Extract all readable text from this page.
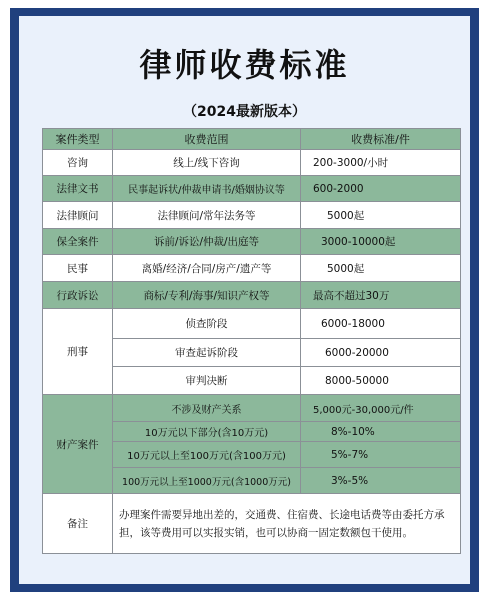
律师收费标准
（2024最新版本）
案件类型	收费范围	收费标准/件
咨询	线上/线下咨询	200-3000/小时
法律文书	民事起诉状/仲裁申请书/婚姻协议等	600-2000
法律顾问	法律顾问/常年法务等	5000起
保全案件	诉前/诉讼/仲裁/出庭等	3000-10000起
民事	离婚/经济/合同/房产/遗产等	5000起
行政诉讼	商标/专利/海事/知识产权等	最高不超过30万
刑事	侦查阶段	6000-18000
	审查起诉阶段	6000-20000
	审判决断	8000-50000
财产案件	不涉及财产关系	5,000元-30,000元/件
	10万元以下部分(含10万元)	8%-10%
	10万元以上至100万元(含100万元)	5%-7%
	100万元以上至1000万元(含1000万元)	3%-5%
备注	办理案件需要异地出差的，交通费、住宿费、长途电话费等由委托方承担，该等费用可以实报实销，也可以协商一固定数额包干使用。	
